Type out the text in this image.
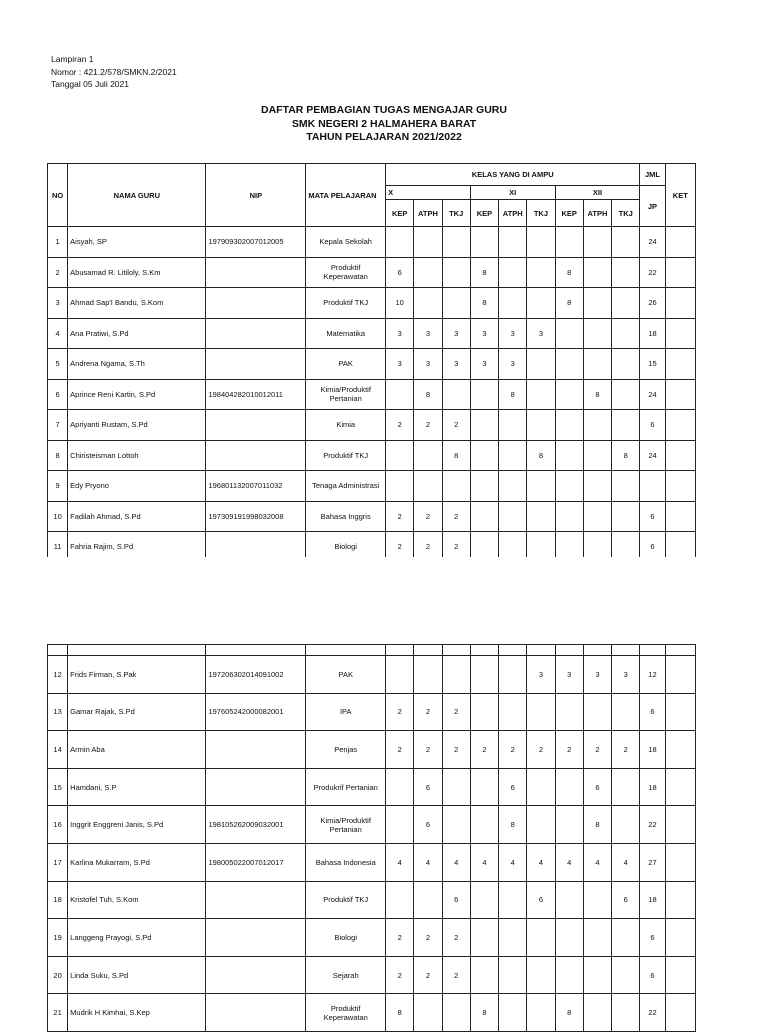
Lampiran 1
Nomor : 421.2/578/SMKN.2/2021
Tanggal 05 Juli 2021
DAFTAR PEMBAGIAN TUGAS MENGAJAR GURU
SMK NEGERI 2 HALMAHERA BARAT
TAHUN PELAJARAN 2021/2022
NO	NAMA GURU	NIP	MATA PELAJARAN	KELAS YANG DI AMPU									JML	KET
				X			XI			XII			JP	
				KEP	ATPH	TKJ	KEP	ATPH	TKJ	KEP	ATPH	TKJ		
1	Aisyah, SP	197909302007012005	Kepala Sekolah										24	
2	Abusamad R. Litiloly, S.Km		Produktif Keperawatan	6			8			8			22	
3	Ahmad Sap'I Bandu, S.Kom		Produktif TKJ	10			8			8			26	
4	Ana Pratiwi, S.Pd		Matematika	3	3	3	3	3	3				18	
5	Andrena Ngama, S.Th		PAK	3	3	3	3	3					15	
6	Aprince Reni Kartin, S.Pd	198404282010012011	Kimia/Produktif Pertanian		8			8			8		24	
7	Apriyanti Rustam, S.Pd		Kimia	2	2	2							6	
8	Chiristeisman Lottoh		Produktif TKJ			8			8			8	24	
9	Edy Pryono	196801132007011032	Tenaga Administrasi											
10	Fadilah Ahmad, S.Pd	197309191998032008	Bahasa Inggris	2	2	2							6	
11	Fahria Rajim, S.Pd		Biologi	2	2	2							6	

12	Frids Firman, S.Pak	197206302014091002	PAK						3	3	3	3	12	
13	Gamar Rajak, S.Pd	197605242000082001	IPA	2	2	2							6	
14	Armin Aba		Penjas	2	2	2	2	2	2	2	2	2	18	
15	Hamdani, S.P		Produkrif Pertanian		6			6			6		18	
16	Inggrit Enggreni Janis, S.Pd	198105262009032001	Kimia/Produktif Pertanian		6			8			8		22	
17	Karlina Mukarram, S.Pd	198005022007012017	Bahasa Indonesia	4	4	4	4	4	4	4	4	4	27	
18	Kristofel Tuh, S.Kom		Produktif TKJ			6			6			6	18	
19	Langgeng Prayogi, S.Pd		Biologi	2	2	2							6	
20	Linda Suku, S.Pd		Sejarah	2	2	2							6	
21	Mudrik H Kimhai, S.Kep		Produktif Keperawatan	8			8			8			22	
